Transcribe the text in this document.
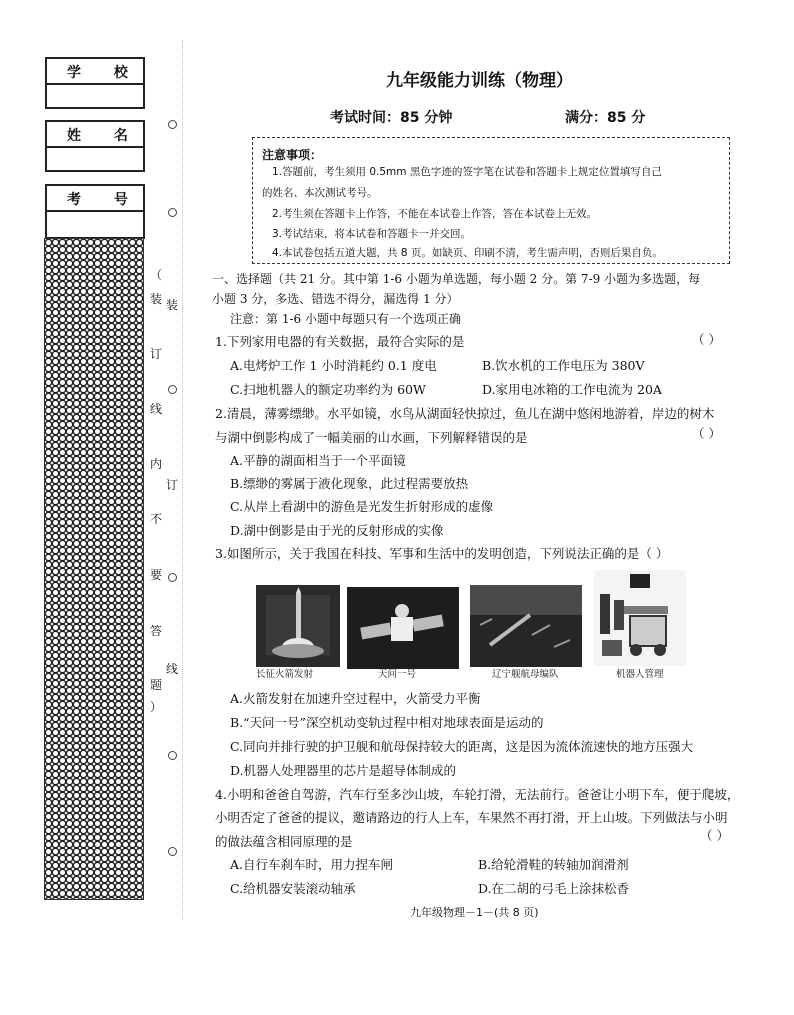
学 校
姓 名
考 号
（
装
订
线
内
不
要
答
题
）
装
订
线
九年级能力训练（物理）
考试时间：85 分钟	满分：85 分
注意事项：
1.答题前，考生须用 0.5mm 黑色字迹的签字笔在试卷和答题卡上规定位置填写自己
的姓名、本次测试考号。
2.考生须在答题卡上作答，不能在本试卷上作答，答在本试卷上无效。
3.考试结束，将本试卷和答题卡一并交回。
4.本试卷包括五道大题，共 8 页。如缺页、印刷不清，考生需声明，否则后果自负。
一、选择题（共 21 分。其中第 1-6 小题为单选题，每小题 2 分。第 7-9 小题为多选题，每
小题 3 分，多选、错选不得分，漏选得 1 分）
注意：第 1-6 小题中每题只有一个选项正确
1.下列家用电器的有关数据，最符合实际的是	（ ）
A.电烤炉工作 1 小时消耗约 0.1 度电	B.饮水机的工作电压为 380V
C.扫地机器人的额定功率约为 60W	D.家用电冰箱的工作电流为 20A
2.清晨，薄雾缥缈。水平如镜，水鸟从湖面轻快掠过，鱼儿在湖中悠闲地游着，岸边的树木
与湖中倒影构成了一幅美丽的山水画，下列解释错误的是	（ ）
A.平静的湖面相当于一个平面镜
B.缥缈的雾属于液化现象，此过程需要放热
C.从岸上看湖中的游鱼是光发生折射形成的虚像
D.湖中倒影是由于光的反射形成的实像
3.如图所示，关于我国在科技、军事和生活中的发明创造，下列说法正确的是（ ）
长征火箭发射	天问一号	辽宁舰航母编队	机器人管理
A.火箭发射在加速升空过程中，火箭受力平衡
B.“天问一号”深空机动变轨过程中相对地球表面是运动的
C.同向并排行驶的护卫舰和航母保持较大的距离，这是因为流体流速快的地方压强大
D.机器人处理器里的芯片是超导体制成的
4.小明和爸爸自驾游，汽车行至多沙山坡，车轮打滑，无法前行。爸爸让小明下车，便于爬坡，
小明否定了爸爸的提议，邀请路边的行人上车，车果然不再打滑，开上山坡。下列做法与小明
的做法蕴含相同原理的是	（ ）
A.自行车刹车时，用力捏车闸	B.给轮滑鞋的转轴加润滑剂
C.给机器安装滚动轴承	D.在二胡的弓毛上涂抹松香
九年级物理－1－(共 8 页)
